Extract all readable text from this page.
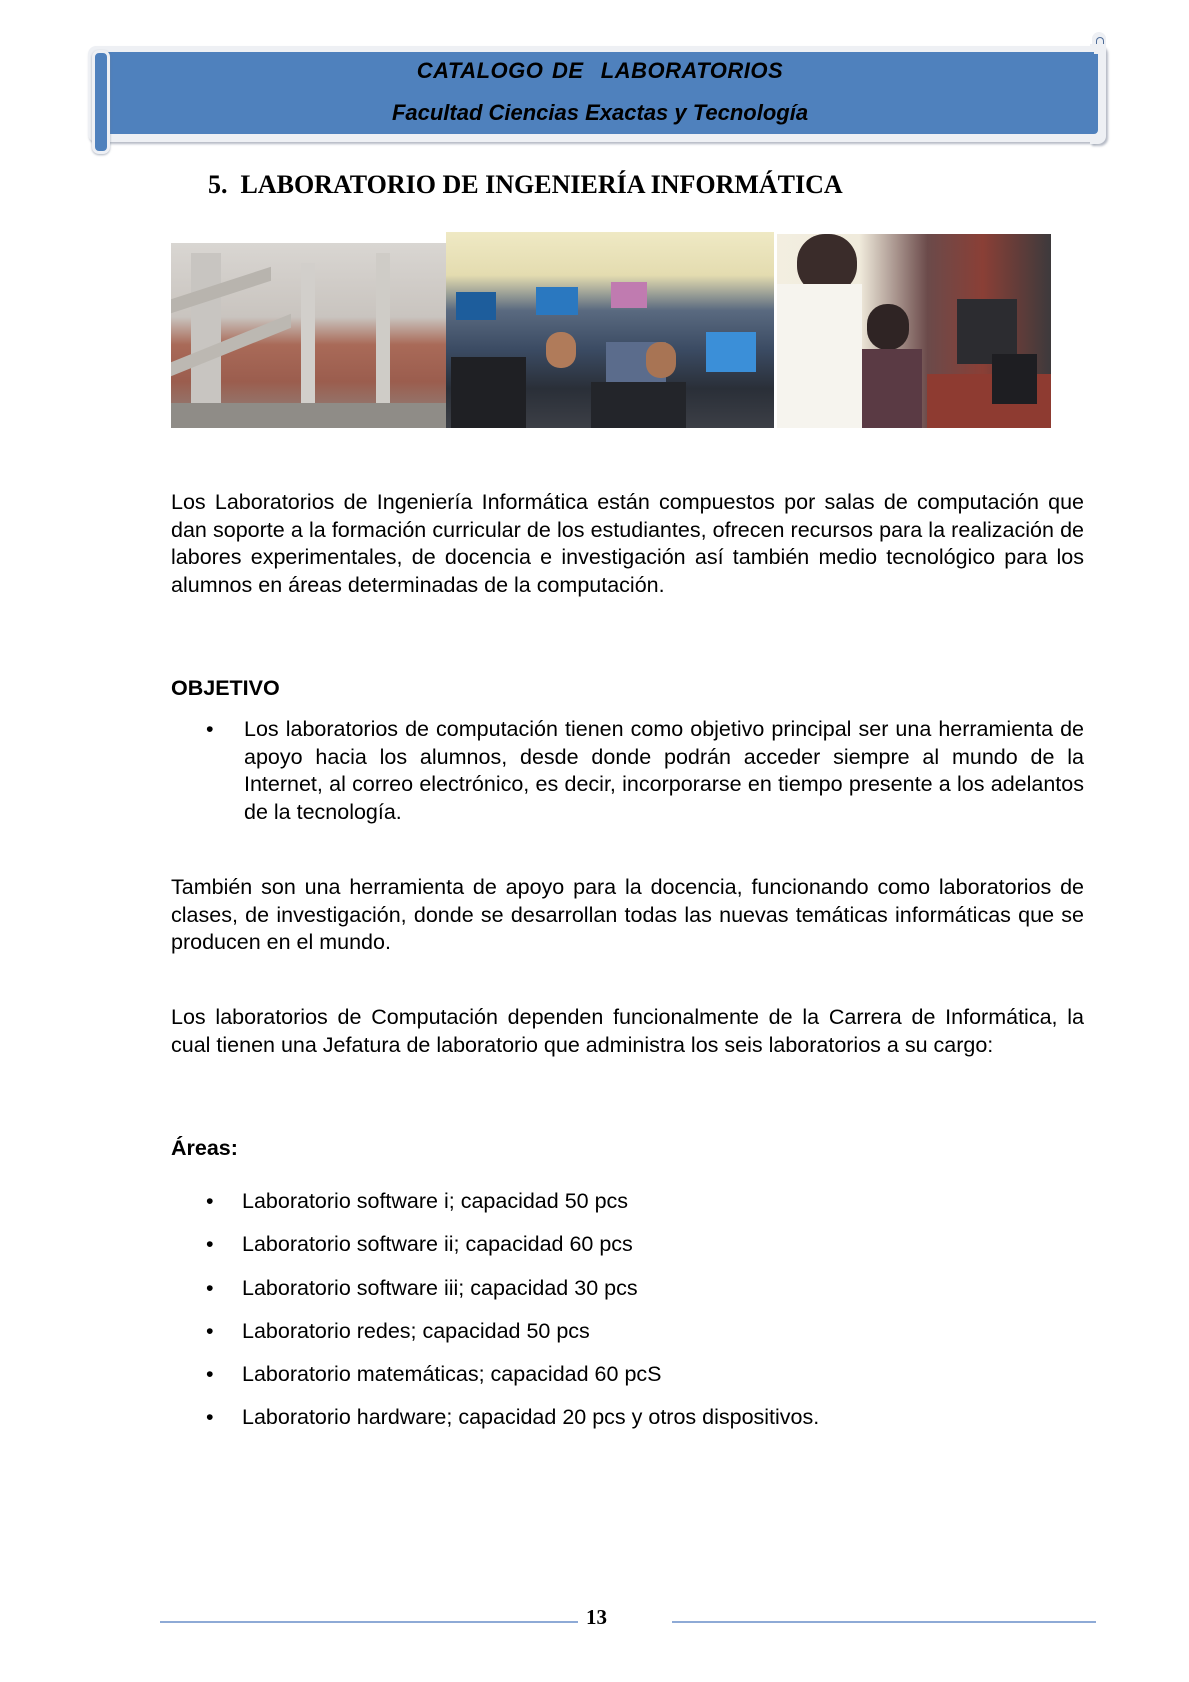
CATALOGO DE  LABORATORIOS
Facultad Ciencias Exactas y Tecnología
5.  LABORATORIO DE INGENIERÍA INFORMÁTICA

Los Laboratorios de Ingeniería Informática están compuestos por salas de computación que dan soporte a la formación curricular de los estudiantes, ofrecen recursos para la realización de labores experimentales, de docencia e investigación así también medio tecnológico para los alumnos en áreas determinadas de la computación.

OBJETIVO
• Los laboratorios de computación tienen como objetivo principal ser una herramienta de apoyo hacia los alumnos, desde donde podrán acceder siempre al mundo de la Internet, al correo electrónico, es decir, incorporarse en tiempo presente a los adelantos de la tecnología.

También son una herramienta de apoyo para la docencia, funcionando como laboratorios de clases, de investigación, donde se desarrollan todas las nuevas temáticas informáticas que se producen en el mundo.

Los laboratorios de Computación dependen funcionalmente de la Carrera de Informática, la cual tienen una Jefatura de laboratorio que administra los seis laboratorios a su cargo:

Áreas:
• Laboratorio software i; capacidad 50 pcs
• Laboratorio software ii; capacidad 60 pcs
• Laboratorio software iii; capacidad 30 pcs
• Laboratorio redes; capacidad 50 pcs
• Laboratorio matemáticas; capacidad 60 pcS
• Laboratorio hardware; capacidad 20 pcs y otros dispositivos.
13
